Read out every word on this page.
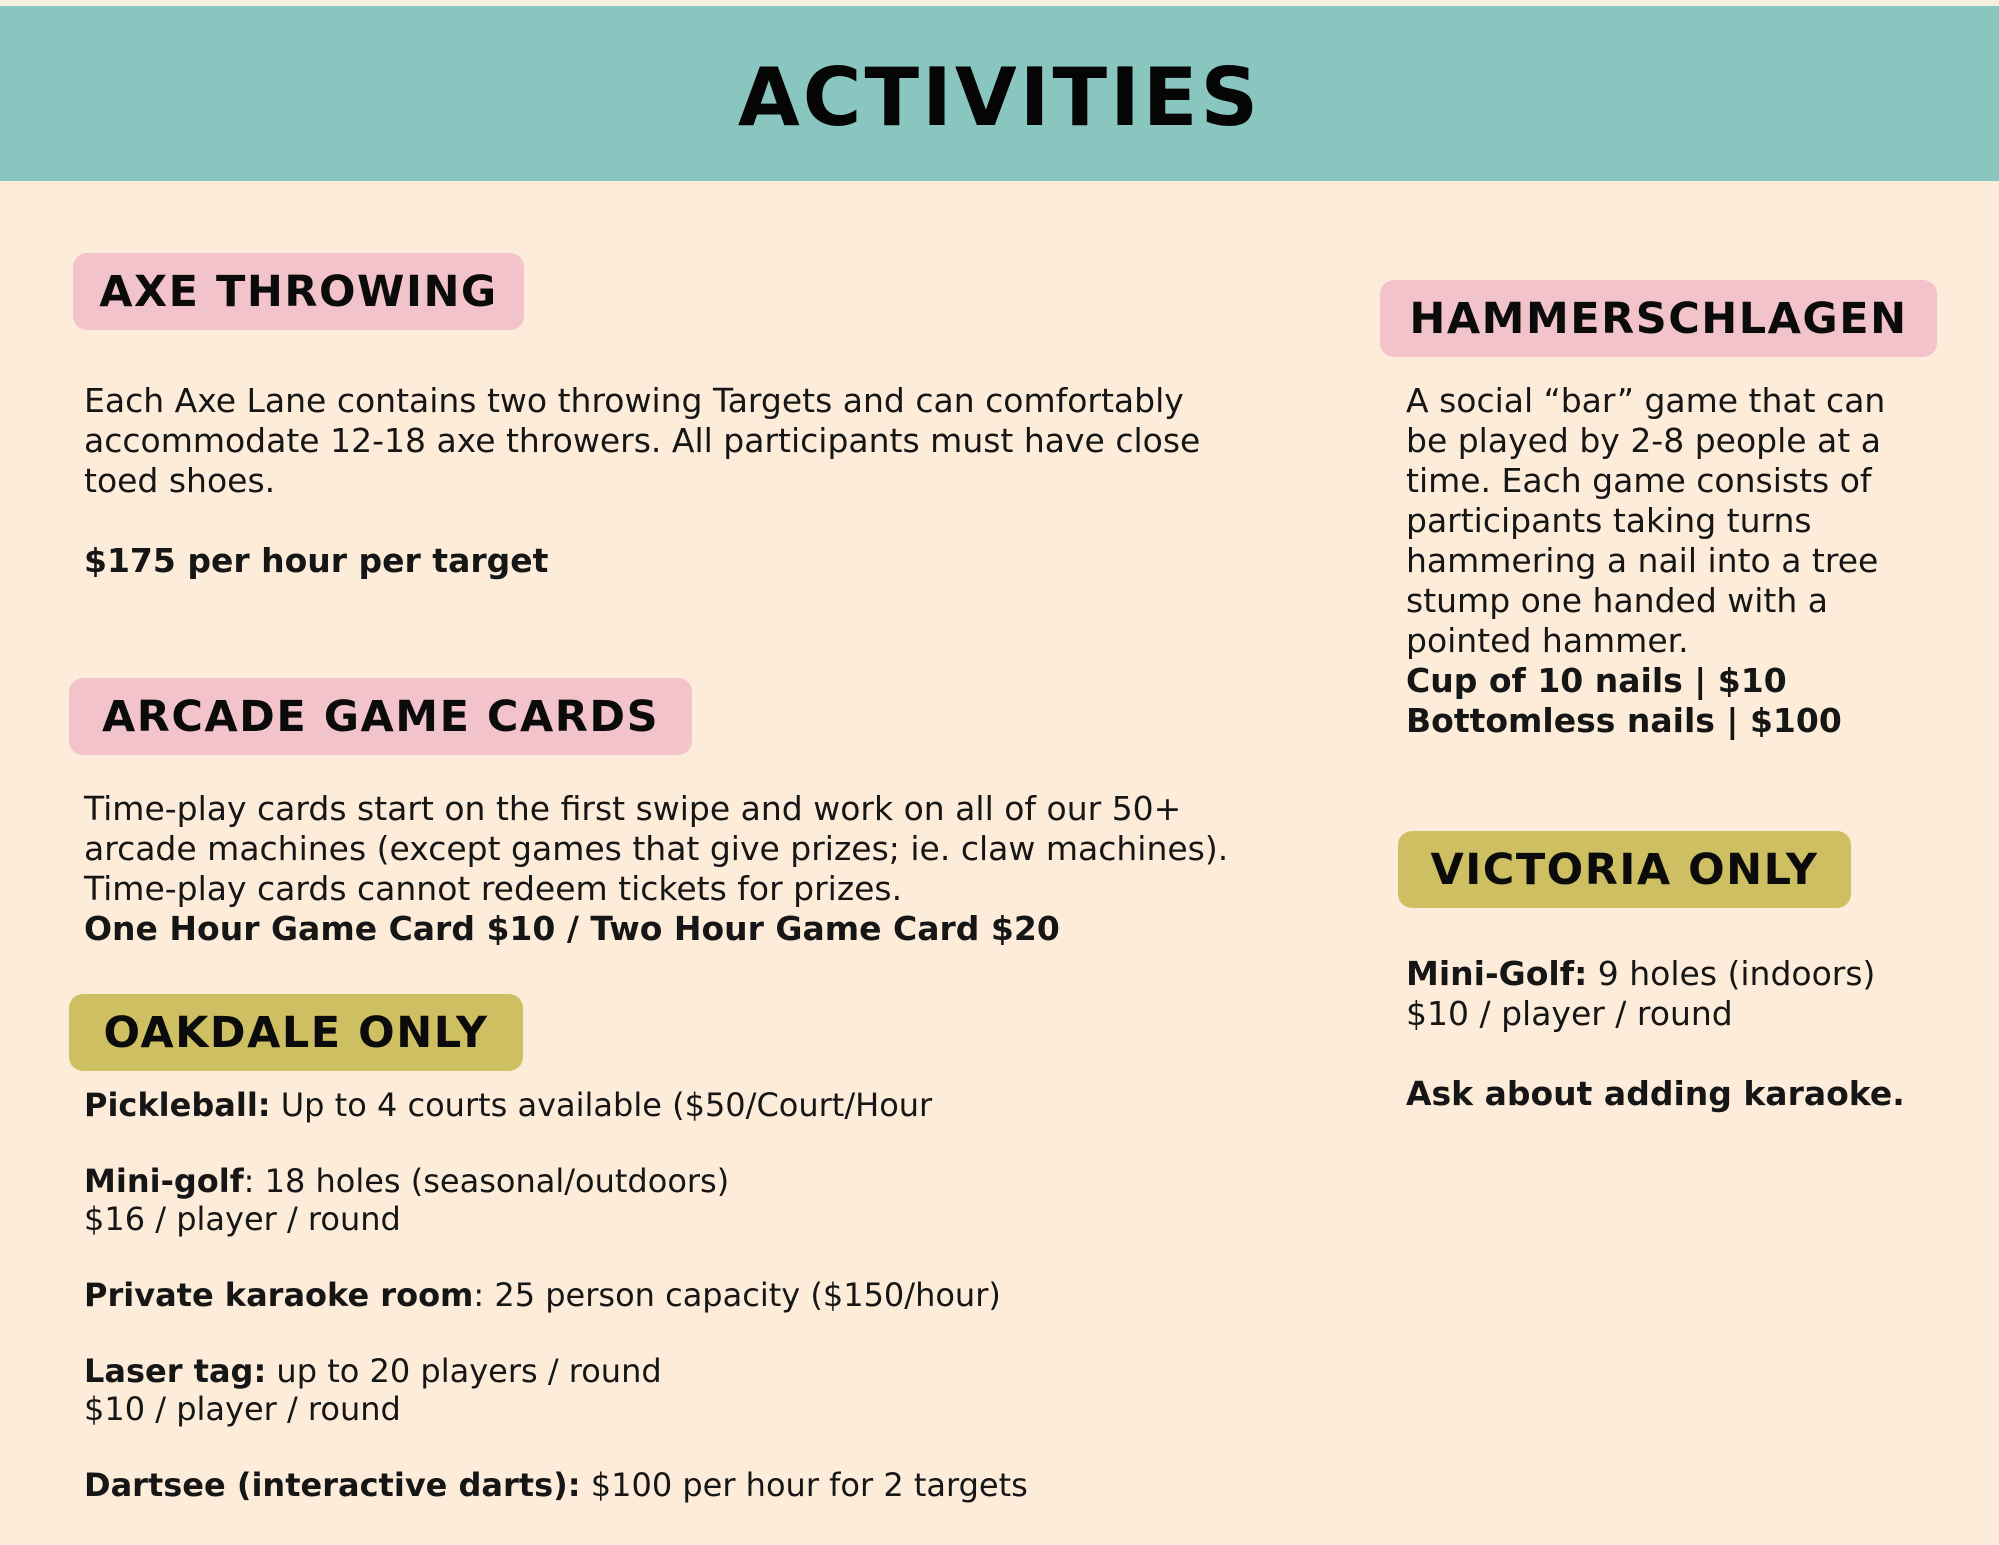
ACTIVITIES
AXE THROWING

Each Axe Lane contains two throwing Targets and can comfortably
accommodate 12-18 axe throwers. All participants must have close
toed shoes.

$175 per hour per target

ARCADE GAME CARDS

Time-play cards start on the first swipe and work on all of our 50+
arcade machines (except games that give prizes; ie. claw machines).
Time-play cards cannot redeem tickets for prizes.

One Hour Game Card $10 / Two Hour Game Card $20

OAKDALE ONLY
Pickleball: Up to 4 courts available ($50/Court/Hour
Mini-golf: 18 holes (seasonal/outdoors)
$16 / player / round
Private karaoke room: 25 person capacity ($150/hour)
Laser tag: up to 20 players / round
$10 / player / round
Dartsee (interactive darts): $100 per hour for 2 targets
HAMMERSCHLAGEN

A social “bar” game that can
be played by 2-8 people at a
time. Each game consists of
participants taking turns
hammering a nail into a tree
stump one handed with a
pointed hammer.

Cup of 10 nails | $10

Bottomless nails | $100

VICTORIA ONLY
Mini-Golf: 9 holes (indoors)
$10 / player / round
Ask about adding karaoke.
